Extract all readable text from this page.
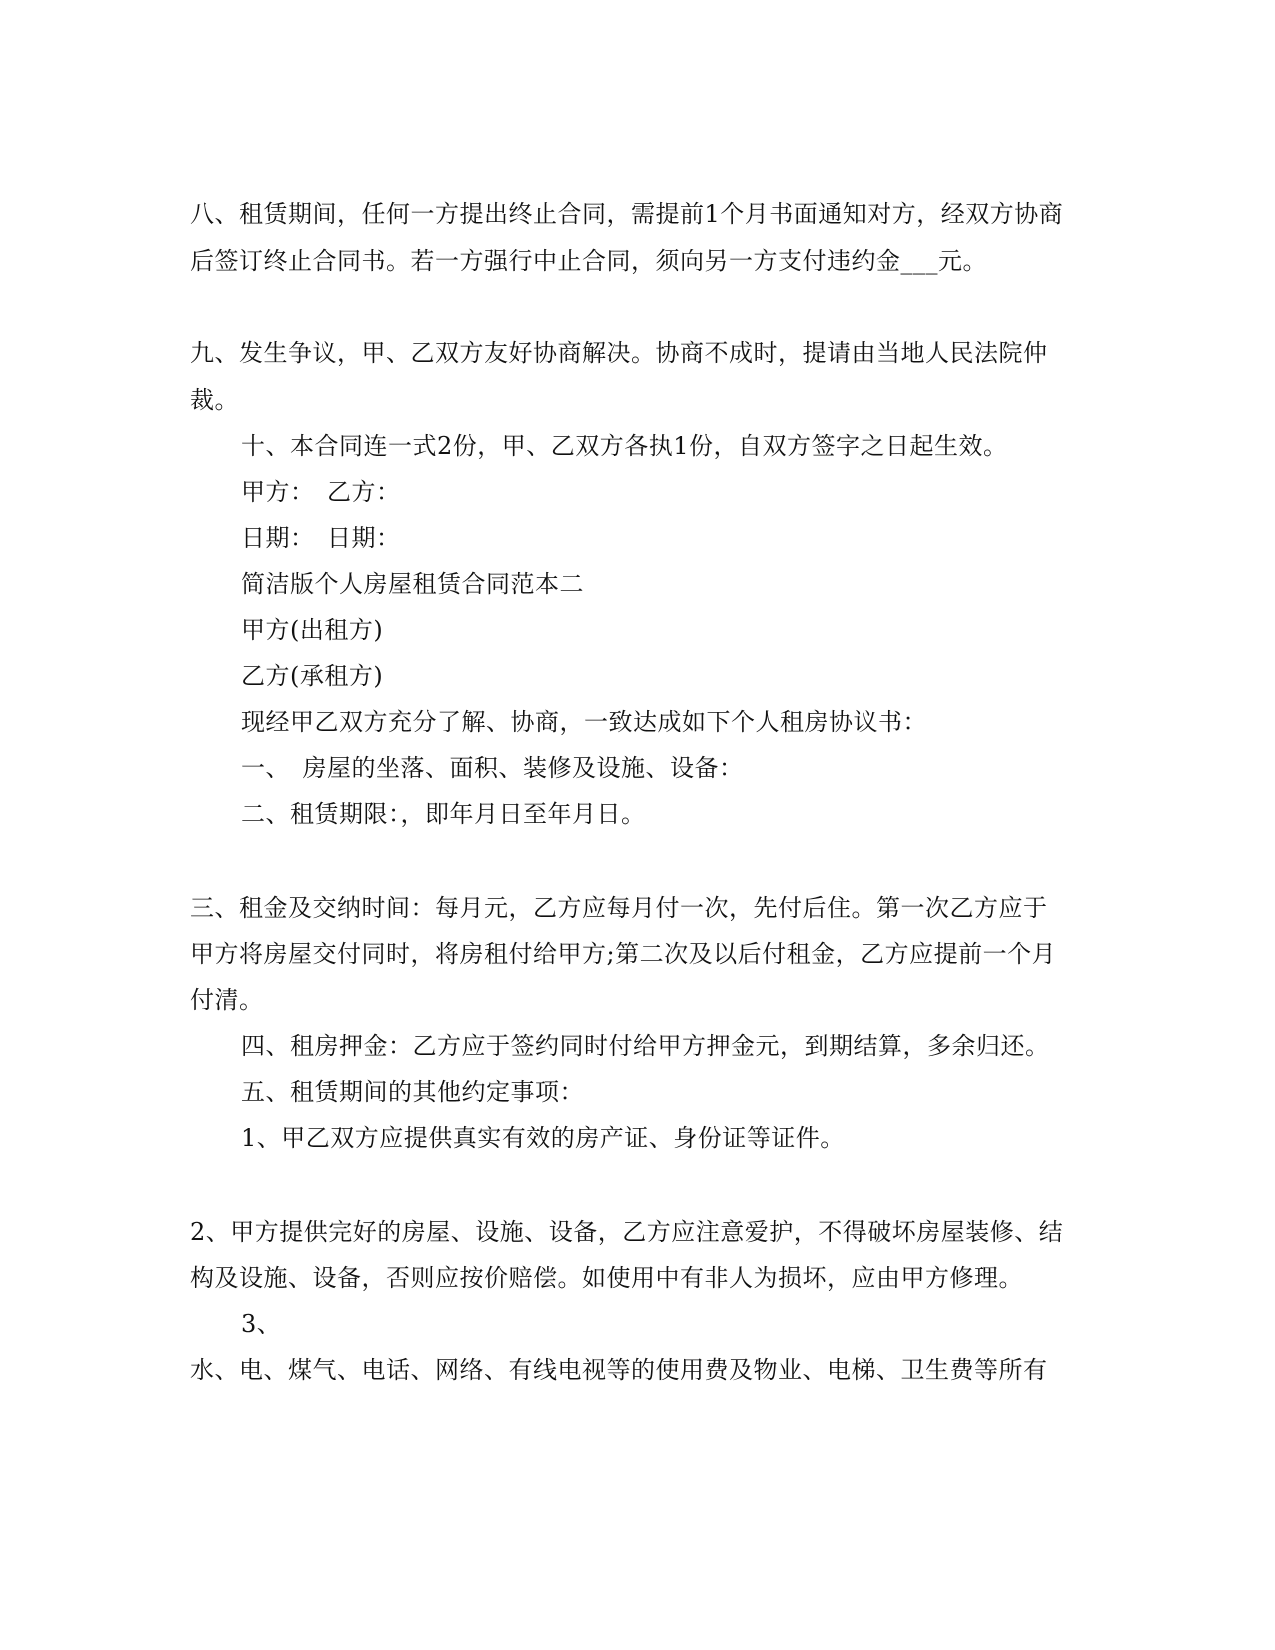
八、租赁期间，任何一方提出终止合同，需提前1个月书面通知对方，经双方协商
后签订终止合同书。若一方强行中止合同，须向另一方支付违约金___元。
九、发生争议，甲、乙双方友好协商解决。协商不成时，提请由当地人民法院仲
裁。
十、本合同连一式2份，甲、乙双方各执1份，自双方签字之日起生效。
甲方：　乙方：
日期：　日期：
简洁版个人房屋租赁合同范本二
甲方(出租方)
乙方(承租方)
现经甲乙双方充分了解、协商，一致达成如下个人租房协议书：
一、　房屋的坐落、面积、装修及设施、设备：
二、租赁期限：，即年月日至年月日。
三、租金及交纳时间：每月元，乙方应每月付一次，先付后住。第一次乙方应于
甲方将房屋交付同时，将房租付给甲方;第二次及以后付租金，乙方应提前一个月
付清。
四、租房押金：乙方应于签约同时付给甲方押金元，到期结算，多余归还。
五、租赁期间的其他约定事项：
1、甲乙双方应提供真实有效的房产证、身份证等证件。
2、甲方提供完好的房屋、设施、设备，乙方应注意爱护，不得破坏房屋装修、结
构及设施、设备，否则应按价赔偿。如使用中有非人为损坏，应由甲方修理。
3、
水、电、煤气、电话、网络、有线电视等的使用费及物业、电梯、卫生费等所有
